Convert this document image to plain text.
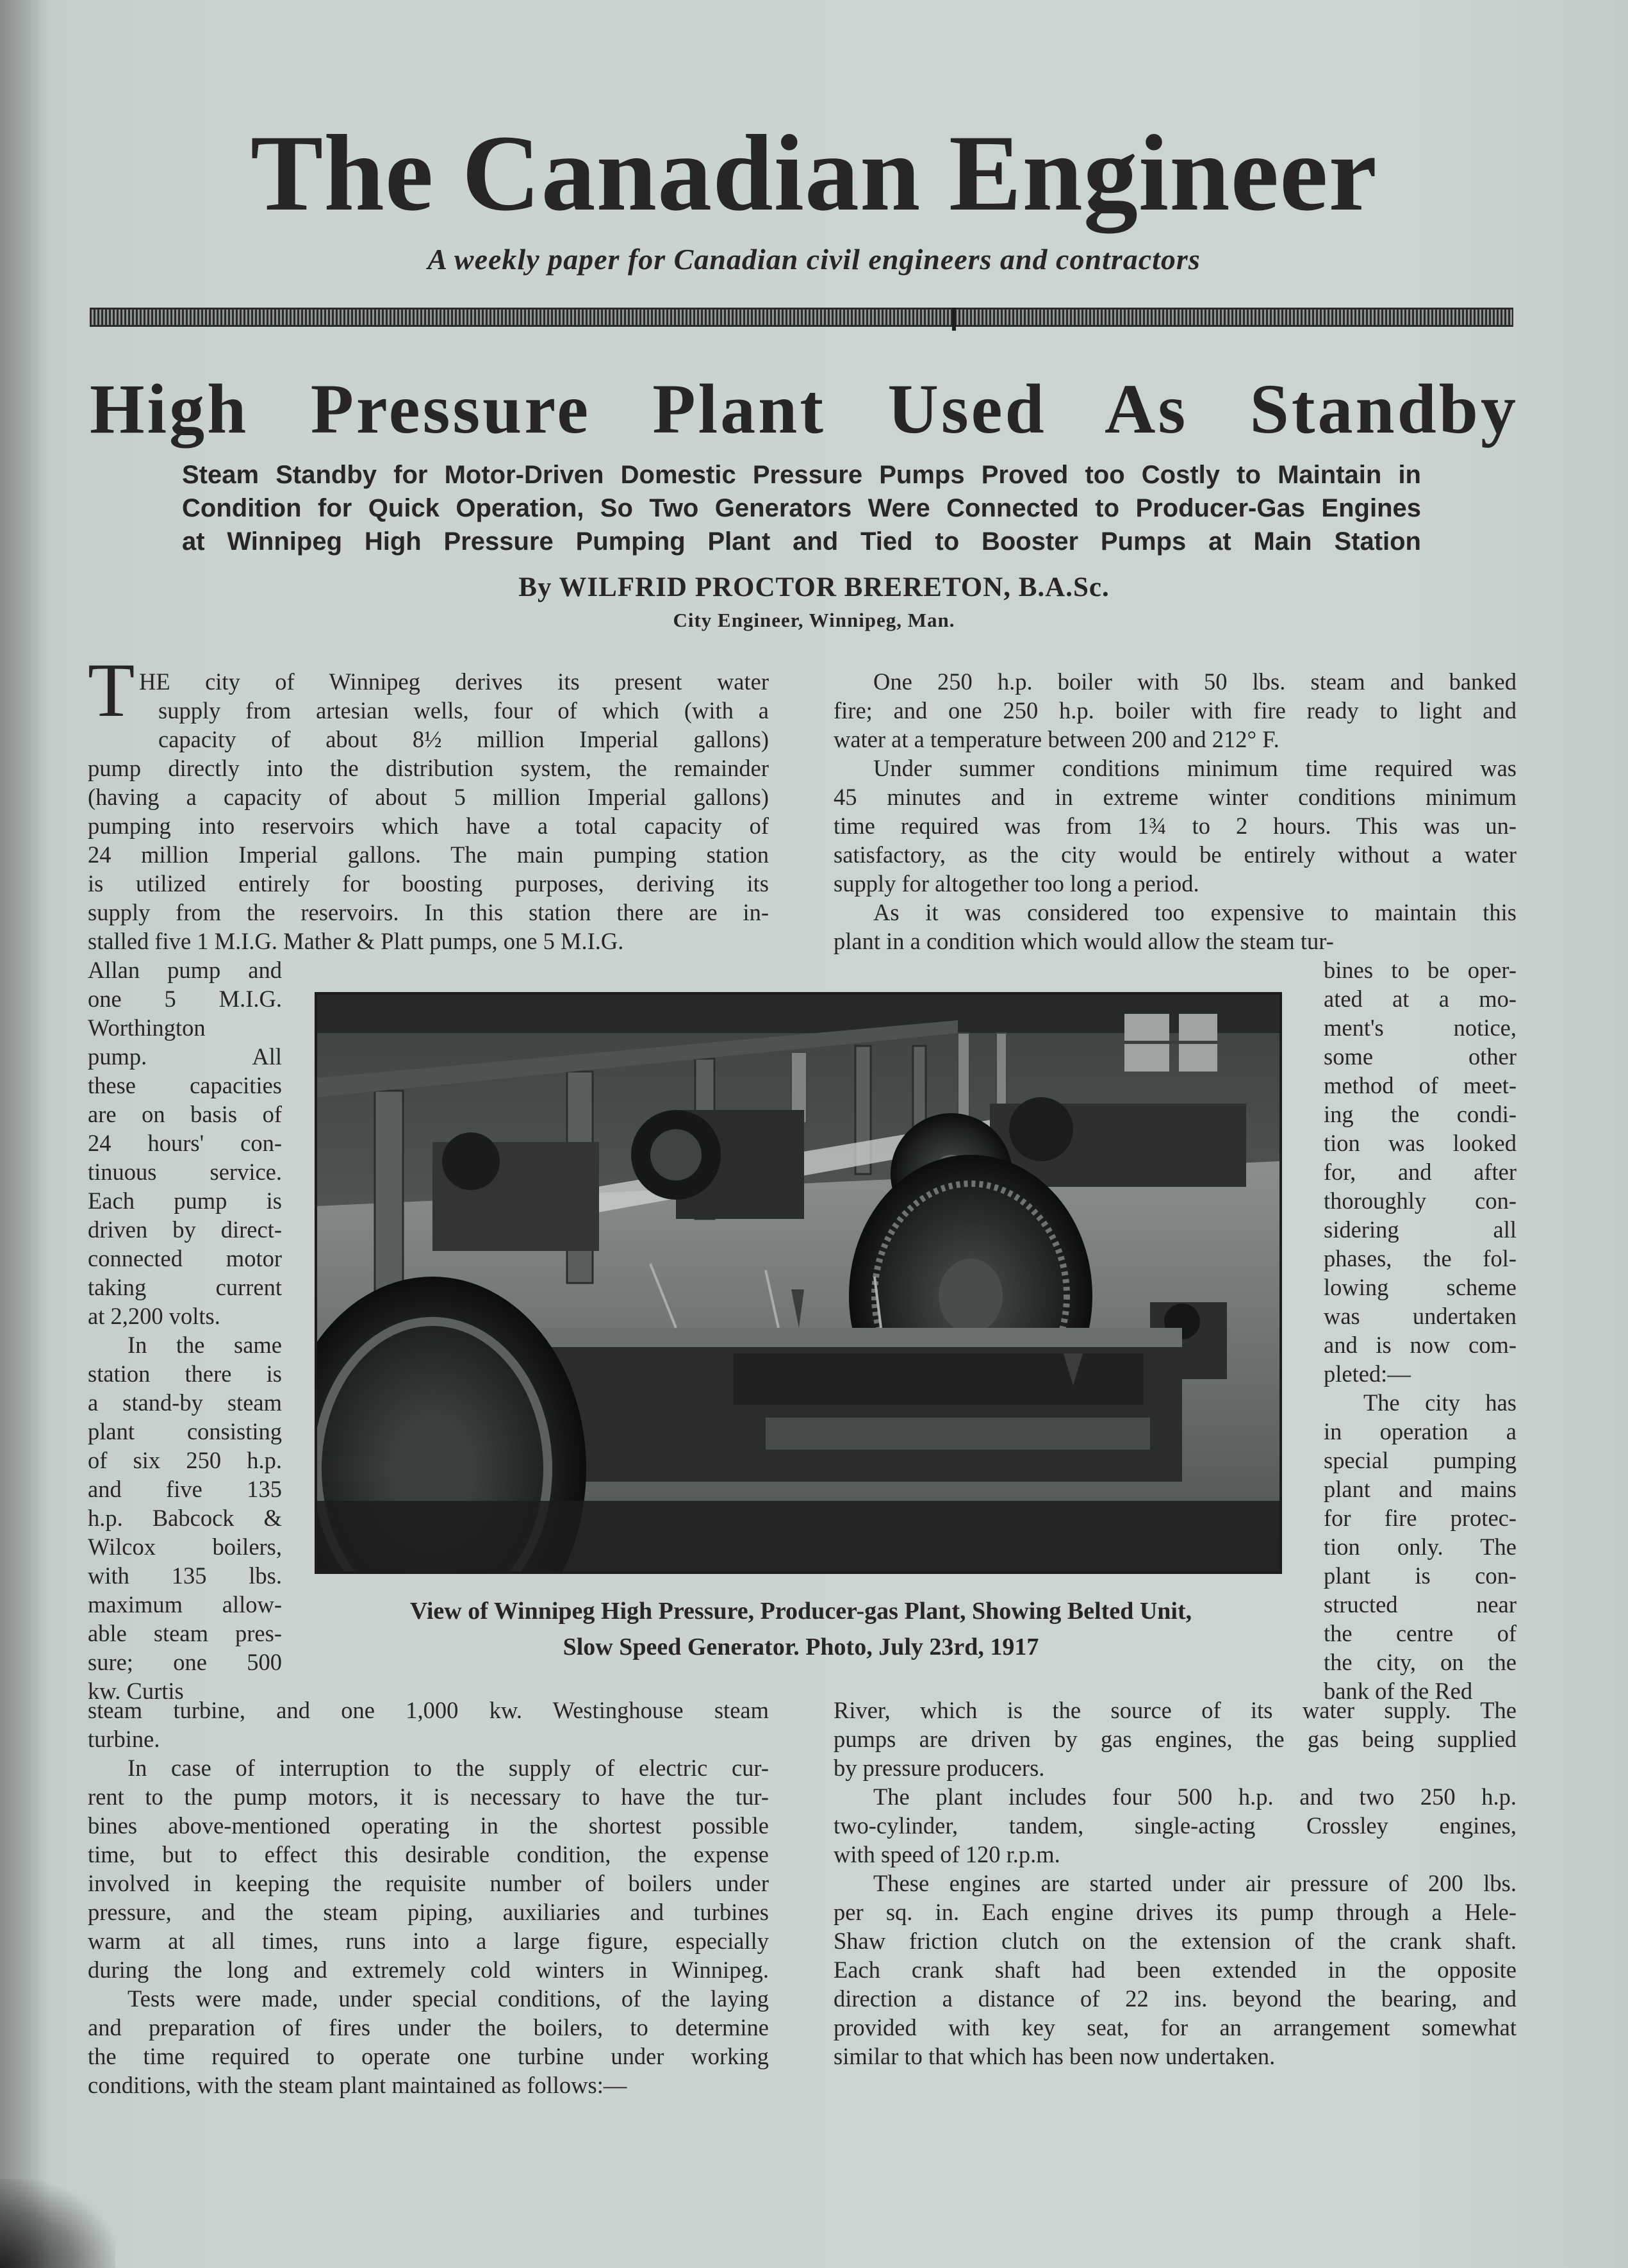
The Canadian Engineer
A weekly paper for Canadian civil engineers and contractors
High Pressure Plant Used As Standby
Steam Standby for Motor-Driven Domestic Pressure Pumps Proved too Costly to Maintain in
Condition for Quick Operation, So Two Generators Were Connected to Producer-Gas Engines
at Winnipeg High Pressure Pumping Plant and Tied to Booster Pumps at Main Station
By WILFRID PROCTOR BRERETON, B.A.Sc.
City Engineer, Winnipeg, Man.
T HE city of Winnipeg derives its present water
supply from artesian wells, four of which (with a
capacity of about 8½ million Imperial gallons)
pump directly into the distribution system, the remainder
(having a capacity of about 5 million Imperial gallons)
pumping into reservoirs which have a total capacity of
24 million Imperial gallons. The main pumping station
is utilized entirely for boosting purposes, deriving its
supply from the reservoirs. In this station there are in-
stalled five 1 M.I.G. Mather & Platt pumps, one 5 M.I.G.
Allan pump and
one 5 M.I.G.
Worthington
pump. All
these capacities
are on basis of
24 hours' con-
tinuous service.
Each pump is
driven by direct-
connected motor
taking current
at 2,200 volts.
In the same
station there is
a stand-by steam
plant consisting
of six 250 h.p.
and five 135
h.p. Babcock &
Wilcox boilers,
with 135 lbs.
maximum allow-
able steam pres-
sure; one 500
kw. Curtis
steam turbine, and one 1,000 kw. Westinghouse steam
turbine.
In case of interruption to the supply of electric cur-
rent to the pump motors, it is necessary to have the tur-
bines above-mentioned operating in the shortest possible
time, but to effect this desirable condition, the expense
involved in keeping the requisite number of boilers under
pressure, and the steam piping, auxiliaries and turbines
warm at all times, runs into a large figure, especially
during the long and extremely cold winters in Winnipeg.
Tests were made, under special conditions, of the laying
and preparation of fires under the boilers, to determine
the time required to operate one turbine under working
conditions, with the steam plant maintained as follows:—
One 250 h.p. boiler with 50 lbs. steam and banked
fire; and one 250 h.p. boiler with fire ready to light and
water at a temperature between 200 and 212° F.
Under summer conditions minimum time required was
45 minutes and in extreme winter conditions minimum
time required was from 1¾ to 2 hours. This was un-
satisfactory, as the city would be entirely without a water
supply for altogether too long a period.
As it was considered too expensive to maintain this
plant in a condition which would allow the steam tur-
bines to be oper-
ated at a mo-
ment's notice,
some other
method of meet-
ing the condi-
tion was looked
for, and after
thoroughly con-
sidering all
phases, the fol-
lowing scheme
was undertaken
and is now com-
pleted:—
The city has
in operation a
special pumping
plant and mains
for fire protec-
tion only. The
plant is con-
structed near
the centre of
the city, on the
bank of the Red
River, which is the source of its water supply. The
pumps are driven by gas engines, the gas being supplied
by pressure producers.
The plant includes four 500 h.p. and two 250 h.p.
two-cylinder, tandem, single-acting Crossley engines,
with speed of 120 r.p.m.
These engines are started under air pressure of 200 lbs.
per sq. in. Each engine drives its pump through a Hele-
Shaw friction clutch on the extension of the crank shaft.
Each crank shaft had been extended in the opposite
direction a distance of 22 ins. beyond the bearing, and
provided with key seat, for an arrangement somewhat
similar to that which has been now undertaken.
View of Winnipeg High Pressure, Producer-gas Plant, Showing Belted Unit,
Slow Speed Generator. Photo, July 23rd, 1917
